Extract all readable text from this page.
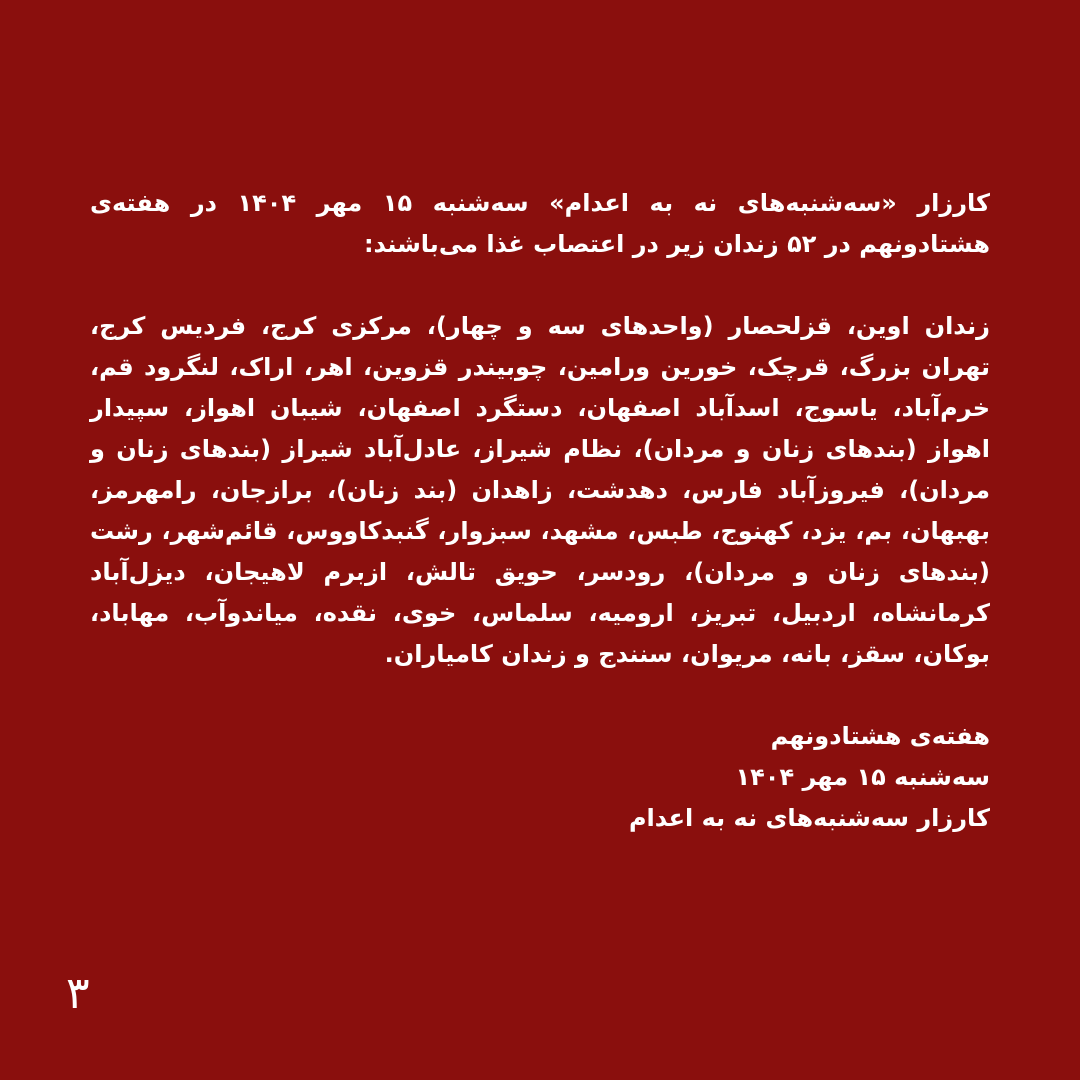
کارزار «سه‌شنبه‌های نه به اعدام» سه‌شنبه ۱۵ مهر ۱۴۰۴ در هفته‌ی هشتادونهم در ۵۲ زندان زیر در اعتصاب غذا می‌باشند:

زندان اوین، قزلحصار (واحدهای سه و چهار)، مرکزی کرج، فردیس کرج، تهران بزرگ، قرچک، خورین ورامین، چوبیندر قزوین، اهر، اراک، لنگرود قم، خرم‌آباد، یاسوج، اسدآباد اصفهان، دستگرد اصفهان، شیبان اهواز، سپیدار اهواز (بندهای زنان و مردان)، نظام شیراز، عادل‌آباد شیراز (بندهای زنان و مردان)، فیروزآباد فارس، دهدشت، زاهدان (بند زنان)، برازجان، رامهرمز، بهبهان، بم، یزد، کهنوج، طبس، مشهد، سبزوار، گنبدکاووس، قائم‌شهر، رشت (بندهای زنان و مردان)، رودسر، حویق تالش، ازبرم لاهیجان، دیزل‌آباد کرمانشاه، اردبیل، تبریز، ارومیه، سلماس، خوی، نقده، میاندوآب، مهاباد، بوکان، سقز، بانه، مریوان، سنندج و زندان کامیاران.

هفته‌ی هشتادونهم
سه‌شنبه ۱۵ مهر ۱۴۰۴
کارزار سه‌شنبه‌های نه به اعدام

۳
